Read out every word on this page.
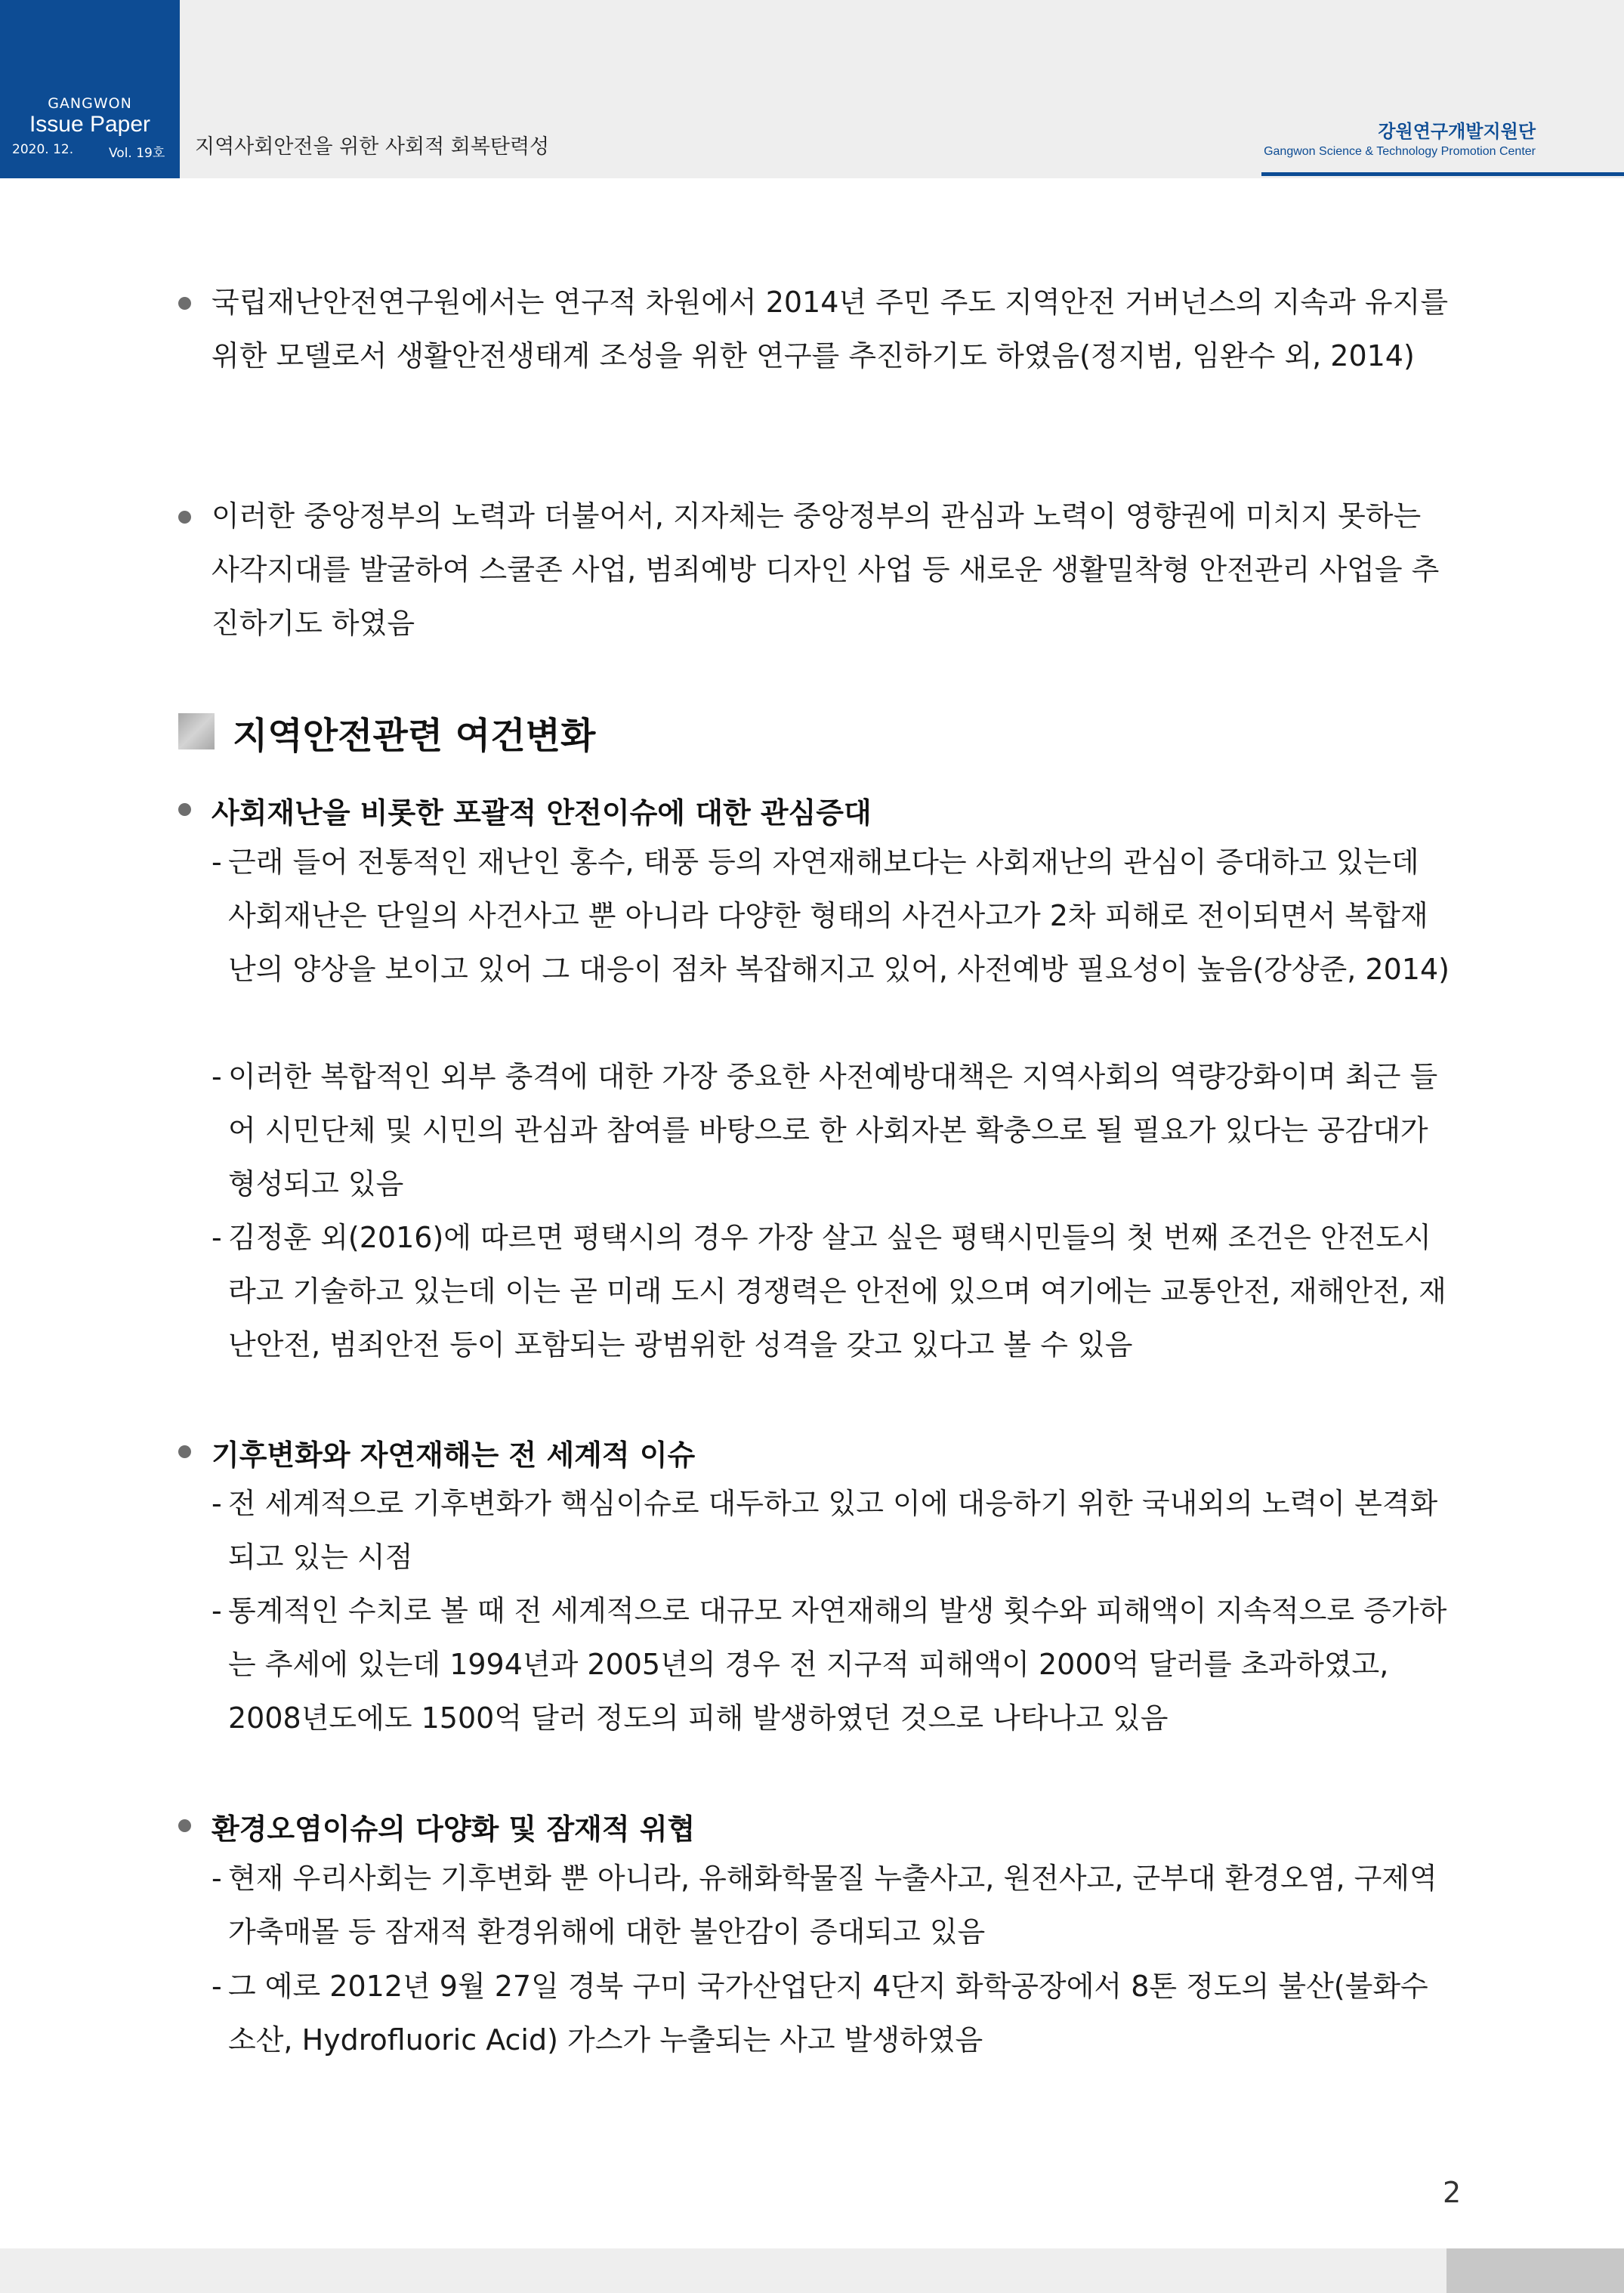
GANGWON
Issue Paper
2020. 12.	Vol. 19호 지역사회안전을 위한 사회적 회복탄력성
강원연구개발지원단
Gangwon Science & Technology Promotion Center
국립재난안전연구원에서는 연구적 차원에서 2014년 주민 주도 지역안전 거버넌스의 지속과 유지를 위한 모델로서 생활안전생태계 조성을 위한 연구를 추진하기도 하였음(정지범, 임완수 외, 2014)
이러한 중앙정부의 노력과 더불어서, 지자체는 중앙정부의 관심과 노력이 영향권에 미치지 못하는 사각지대를 발굴하여 스쿨존 사업, 범죄예방 디자인 사업 등 새로운 생활밀착형 안전관리 사업을 추진하기도 하였음
지역안전관련 여건변화
사회재난을 비롯한 포괄적 안전이슈에 대한 관심증대
- 근래 들어 전통적인 재난인 홍수, 태풍 등의 자연재해보다는 사회재난의 관심이 증대하고 있는데 사회재난은 단일의 사건사고 뿐 아니라 다양한 형태의 사건사고가 2차 피해로 전이되면서 복합재난의 양상을 보이고 있어 그 대응이 점차 복잡해지고 있어, 사전예방 필요성이 높음(강상준, 2014)
- 이러한 복합적인 외부 충격에 대한 가장 중요한 사전예방대책은 지역사회의 역량강화이며 최근 들어 시민단체 및 시민의 관심과 참여를 바탕으로 한 사회자본 확충으로 될 필요가 있다는 공감대가 형성되고 있음
- 김정훈 외(2016)에 따르면 평택시의 경우 가장 살고 싶은 평택시민들의 첫 번째 조건은 안전도시라고 기술하고 있는데 이는 곧 미래 도시 경쟁력은 안전에 있으며 여기에는 교통안전, 재해안전, 재난안전, 범죄안전 등이 포함되는 광범위한 성격을 갖고 있다고 볼 수 있음
기후변화와 자연재해는 전 세계적 이슈
- 전 세계적으로 기후변화가 핵심이슈로 대두하고 있고 이에 대응하기 위한 국내외의 노력이 본격화되고 있는 시점
- 통계적인 수치로 볼 때 전 세계적으로 대규모 자연재해의 발생 횟수와 피해액이 지속적으로 증가하는 추세에 있는데 1994년과 2005년의 경우 전 지구적 피해액이 2000억 달러를 초과하였고, 2008년도에도 1500억 달러 정도의 피해 발생하였던 것으로 나타나고 있음
환경오염이슈의 다양화 및 잠재적 위협
- 현재 우리사회는 기후변화 뿐 아니라, 유해화학물질 누출사고, 원전사고, 군부대 환경오염, 구제역 가축매몰 등 잠재적 환경위해에 대한 불안감이 증대되고 있음
- 그 예로 2012년 9월 27일 경북 구미 국가산업단지 4단지 화학공장에서 8톤 정도의 불산(불화수소산, Hydrofluoric Acid) 가스가 누출되는 사고 발생하였음
2
